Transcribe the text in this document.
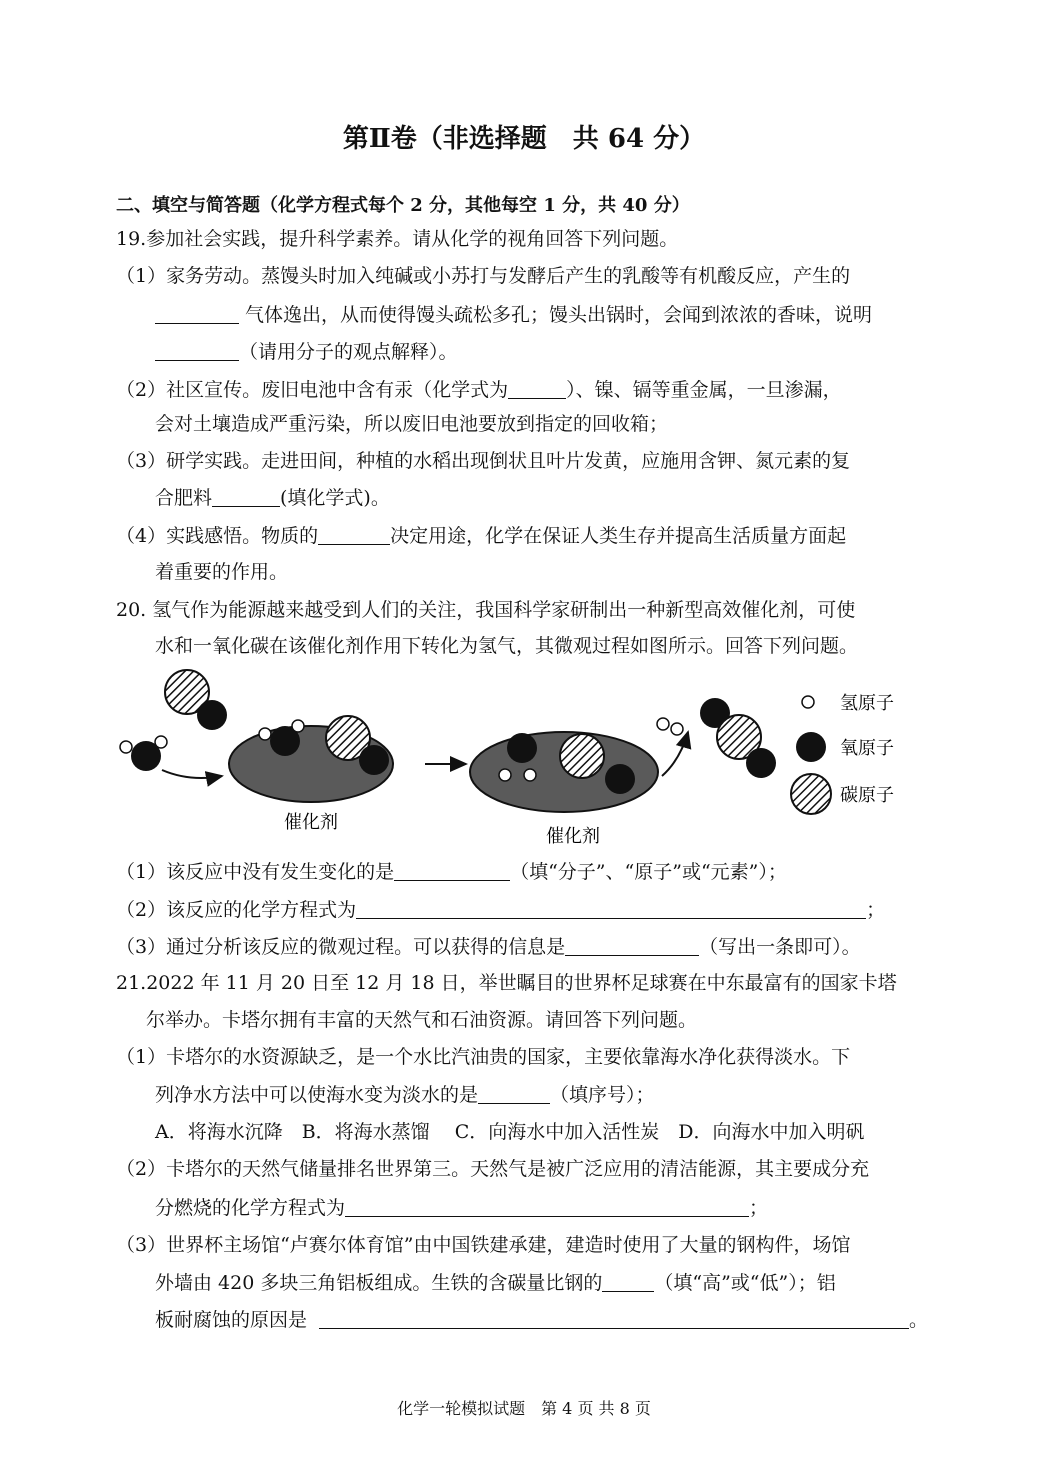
第Ⅱ卷（非选择题　共 64 分）
二、填空与简答题（化学方程式每个 2 分，其他每空 1 分，共 40 分）
19.参加社会实践，提升科学素养。请从化学的视角回答下列问题。
（1）家务劳动。蒸馒头时加入纯碱或小苏打与发酵后产生的乳酸等有机酸反应，产生的
气体逸出，从而使得馒头疏松多孔；馒头出锅时，会闻到浓浓的香味，说明
（请用分子的观点解释）。
（2）社区宣传。废旧电池中含有汞（化学式为	）、镍、镉等重金属，一旦渗漏，
会对土壤造成严重污染，所以废旧电池要放到指定的回收箱；
（3）研学实践。走进田间，种植的水稻出现倒状且叶片发黄，应施用含钾、氮元素的复
合肥料	(填化学式)。
（4）实践感悟。物质的	决定用途，化学在保证人类生存并提高生活质量方面起
着重要的作用。
20. 氢气作为能源越来越受到人们的关注，我国科学家研制出一种新型高效催化剂，可使
水和一氧化碳在该催化剂作用下转化为氢气，其微观过程如图所示。回答下列问题。
催化剂
催化剂
氢原子
氧原子
碳原子
（1）该反应中没有发生变化的是	（填“分子”、“原子”或“元素”）；
（2）该反应的化学方程式为	；
（3）通过分析该反应的微观过程。可以获得的信息是	（写出一条即可）。
21.2022 年 11 月 20 日至 12 月 18 日，举世瞩目的世界杯足球赛在中东最富有的国家卡塔
尔举办。卡塔尔拥有丰富的天然气和石油资源。请回答下列问题。
（1）卡塔尔的水资源缺乏，是一个水比汽油贵的国家，主要依靠海水净化获得淡水。下
列净水方法中可以使海水变为淡水的是	（填序号）；
A．将海水沉降　B．将海水蒸馏　 C．向海水中加入活性炭　D．向海水中加入明矾
（2）卡塔尔的天然气储量排名世界第三。天然气是被广泛应用的清洁能源，其主要成分充
分燃烧的化学方程式为	；
（3）世界杯主场馆“卢赛尔体育馆”由中国铁建承建，建造时使用了大量的钢构件，场馆
外墙由 420 多块三角铝板组成。生铁的含碳量比钢的	（填“高”或“低”）；铝
板耐腐蚀的原因是	。
化学一轮模拟试题　第 4 页 共 8 页
